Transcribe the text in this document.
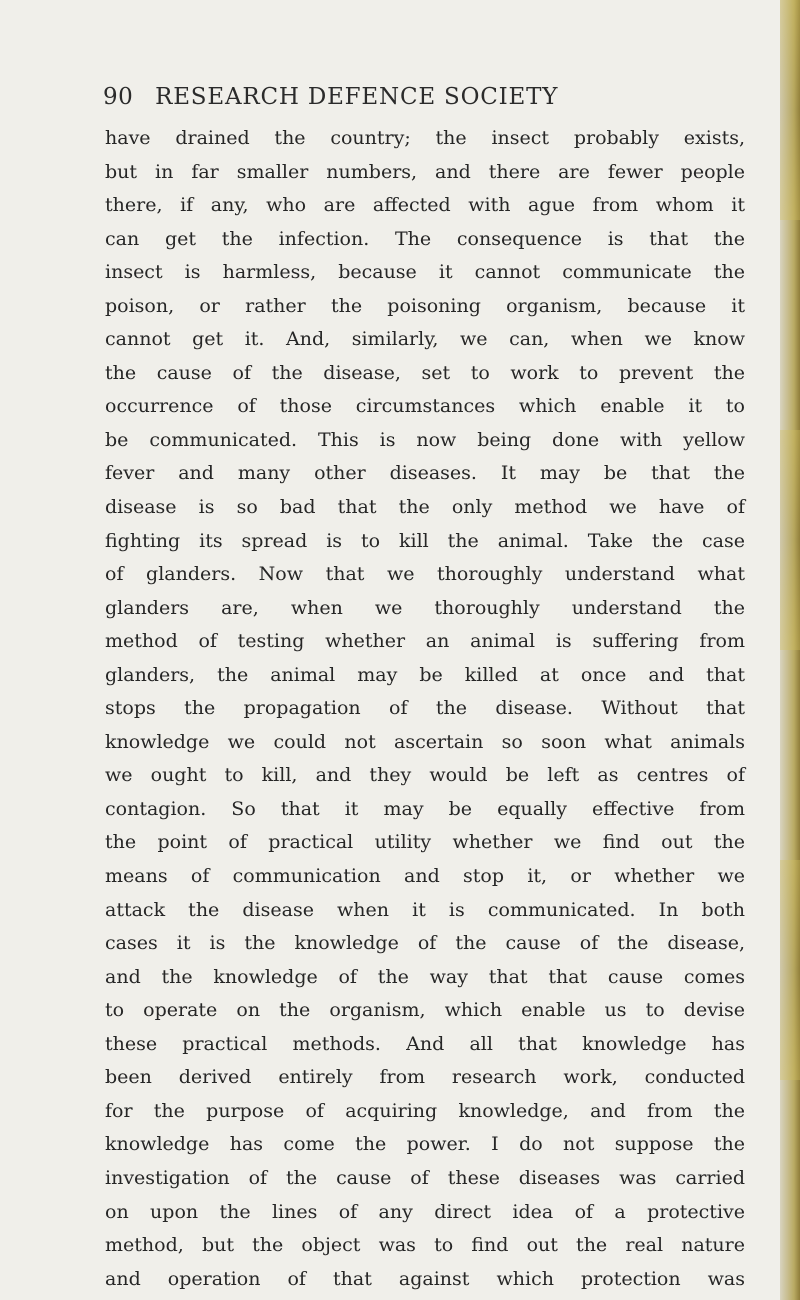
90 RESEARCH DEFENCE SOCIETY
have drained the country; the insect probably exists,
but in far smaller numbers, and there are fewer people
there, if any, who are affected with ague from whom it
can get the infection. The consequence is that the
insect is harmless, because it cannot communicate the
poison, or rather the poisoning organism, because it
cannot get it. And, similarly, we can, when we know
the cause of the disease, set to work to prevent the
occurrence of those circumstances which enable it to
be communicated. This is now being done with yellow
fever and many other diseases. It may be that the
disease is so bad that the only method we have of
fighting its spread is to kill the animal. Take the case
of glanders. Now that we thoroughly understand what
glanders are, when we thoroughly understand the
method of testing whether an animal is suffering from
glanders, the animal may be killed at once and that
stops the propagation of the disease. Without that
knowledge we could not ascertain so soon what animals
we ought to kill, and they would be left as centres of
contagion. So that it may be equally effective from
the point of practical utility whether we find out the
means of communication and stop it, or whether we
attack the disease when it is communicated. In both
cases it is the knowledge of the cause of the disease,
and the knowledge of the way that that cause comes
to operate on the organism, which enable us to devise
these practical methods. And all that knowledge has
been derived entirely from research work, conducted
for the purpose of acquiring knowledge, and from the
knowledge has come the power. I do not suppose the
investigation of the cause of these diseases was carried
on upon the lines of any direct idea of a protective
method, but the object was to find out the real nature
and operation of that against which protection was
